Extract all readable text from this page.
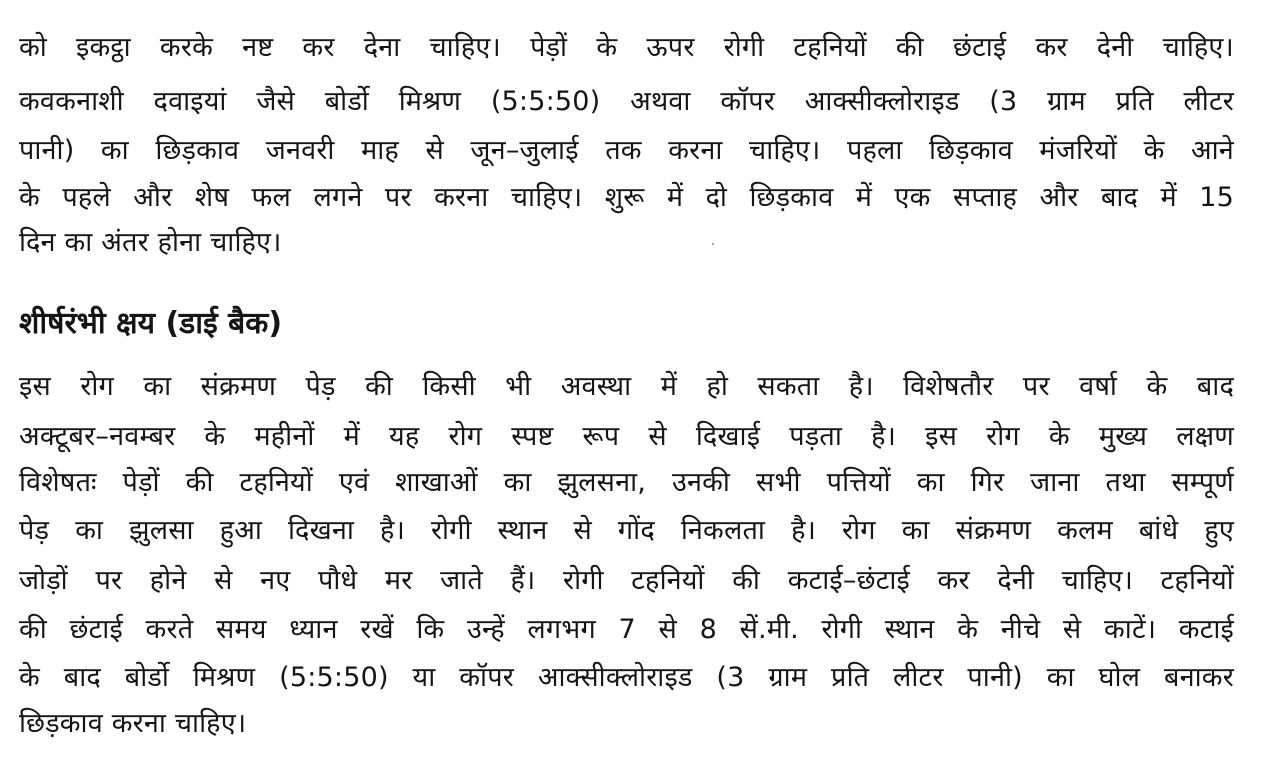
को इकट्ठा करके नष्ट कर देना चाहिए। पेड़ों के ऊपर रोगी टहनियों की छंटाई कर देनी चाहिए।
कवकनाशी दवाइयां जैसे बोर्डो मिश्रण (5:5:50) अथवा कॉपर आक्सीक्लोराइड (3 ग्राम प्रति लीटर
पानी) का छिड़काव जनवरी माह से जून–जुलाई तक करना चाहिए। पहला छिड़काव मंजरियों के आने
के पहले और शेष फल लगने पर करना चाहिए। शुरू में दो छिड़काव में एक सप्ताह और बाद में 15
दिन का अंतर होना चाहिए।
शीर्षरंभी क्षय (डाई बैक)
इस रोग का संक्रमण पेड़ की किसी भी अवस्था में हो सकता है। विशेषतौर पर वर्षा के बाद
अक्टूबर–नवम्बर के महीनों में यह रोग स्पष्ट रूप से दिखाई पड़ता है। इस रोग के मुख्य लक्षण
विशेषतः पेड़ों की टहनियों एवं शाखाओं का झुलसना, उनकी सभी पत्तियों का गिर जाना तथा सम्पूर्ण
पेड़ का झुलसा हुआ दिखना है। रोगी स्थान से गोंद निकलता है। रोग का संक्रमण कलम बांधे हुए
जोड़ों पर होने से नए पौधे मर जाते हैं। रोगी टहनियों की कटाई–छंटाई कर देनी चाहिए। टहनियों
की छंटाई करते समय ध्यान रखें कि उन्हें लगभग 7 से 8 सें.मी. रोगी स्थान के नीचे से काटें। कटाई
के बाद बोर्डो मिश्रण (5:5:50) या कॉपर आक्सीक्लोराइड (3 ग्राम प्रति लीटर पानी) का घोल बनाकर
छिड़काव करना चाहिए।
